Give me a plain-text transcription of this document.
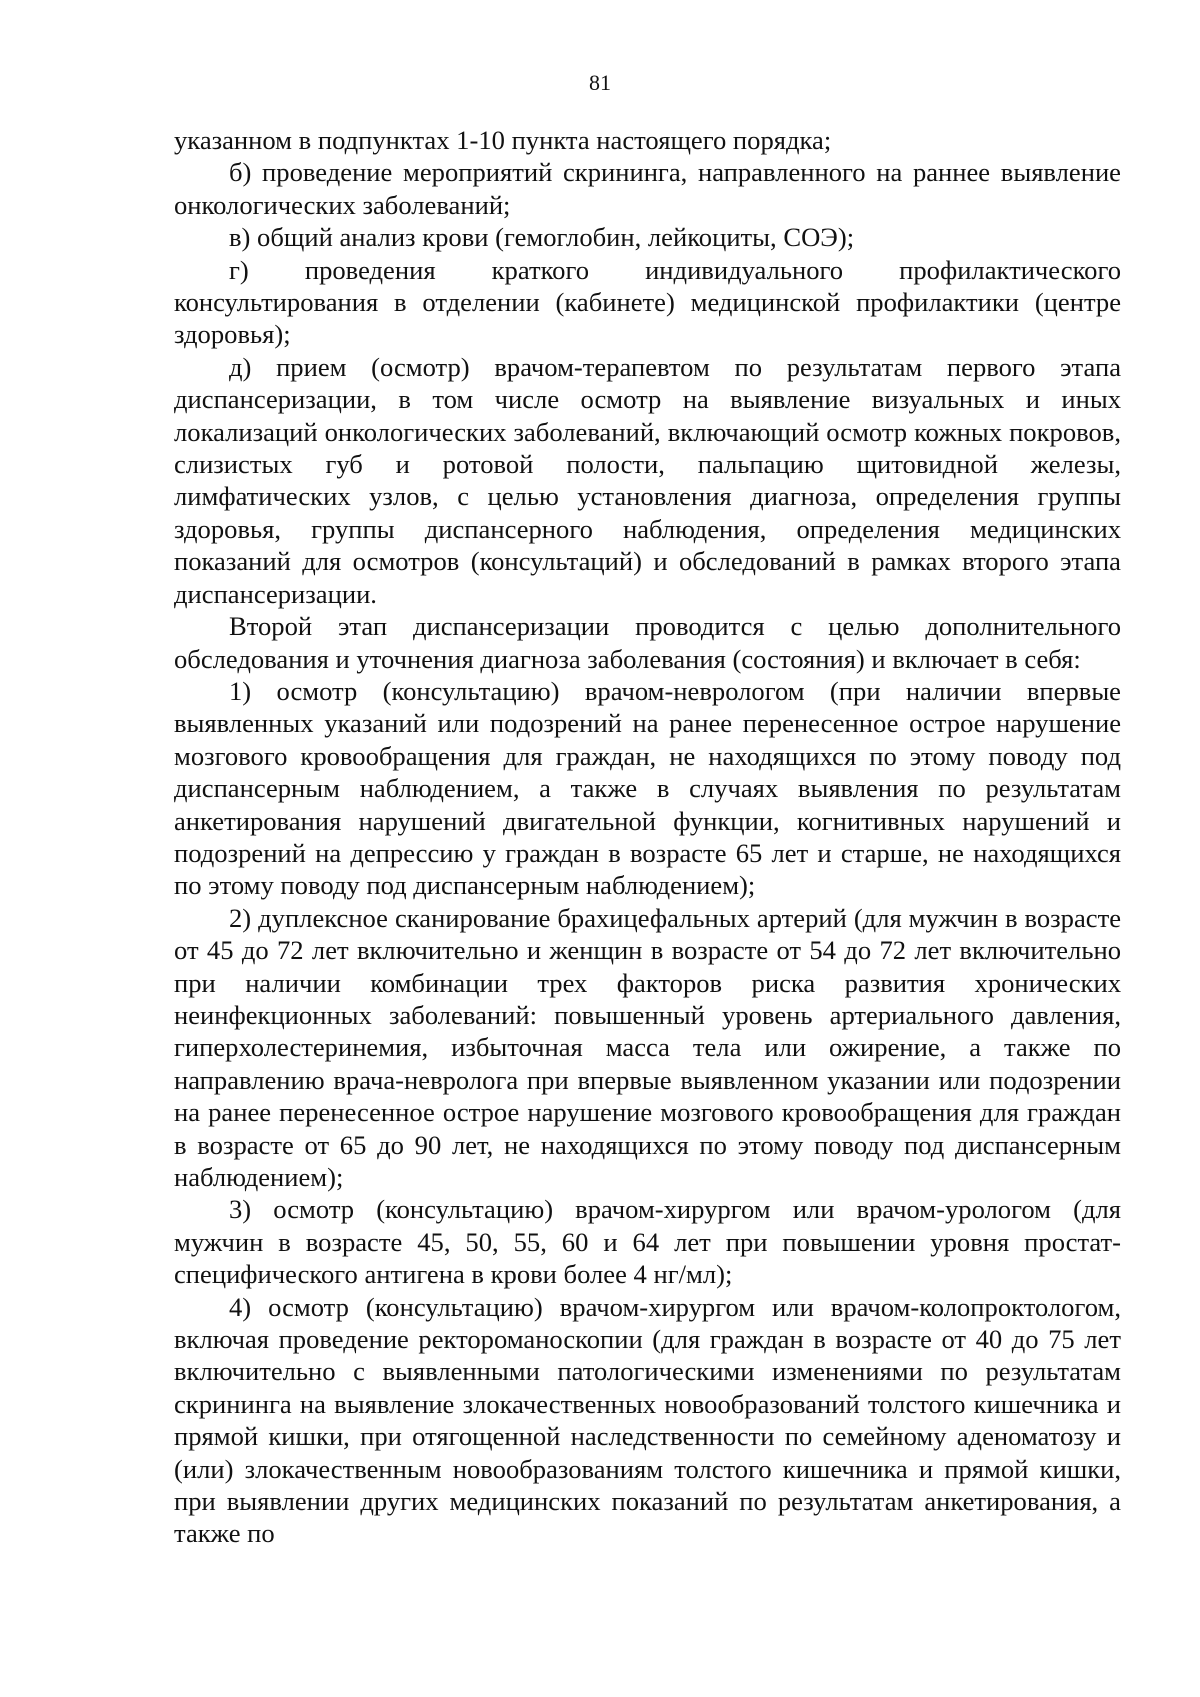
81

указанном в подпунктах 1-10 пункта настоящего порядка;

б) проведение мероприятий скрининга, направленного на раннее выявление онкологических заболеваний;

в) общий анализ крови (гемоглобин, лейкоциты, СОЭ);

г) проведения краткого индивидуального профилактического консультирования в отделении (кабинете) медицинской профилактики (центре здоровья);

д) прием (осмотр) врачом-терапевтом по результатам первого этапа диспансеризации, в том числе осмотр на выявление визуальных и иных локализаций онкологических заболеваний, включающий осмотр кожных покровов, слизистых губ и ротовой полости, пальпацию щитовидной железы, лимфатических узлов, с целью установления диагноза, определения группы здоровья, группы диспансерного наблюдения, определения медицинских показаний для осмотров (консультаций) и обследований в рамках второго этапа диспансеризации.

Второй этап диспансеризации проводится с целью дополнительного обследования и уточнения диагноза заболевания (состояния) и включает в себя:

1) осмотр (консультацию) врачом-неврологом (при наличии впервые выявленных указаний или подозрений на ранее перенесенное острое нарушение мозгового кровообращения для граждан, не находящихся по этому поводу под диспансерным наблюдением, а также в случаях выявления по результатам анкетирования нарушений двигательной функции, когнитивных нарушений и подозрений на депрессию у граждан в возрасте 65 лет и старше, не находящихся по этому поводу под диспансерным наблюдением);

2) дуплексное сканирование брахицефальных артерий (для мужчин в возрасте от 45 до 72 лет включительно и женщин в возрасте от 54 до 72 лет включительно при наличии комбинации трех факторов риска развития хронических неинфекционных заболеваний: повышенный уровень артериального давления, гиперхолестеринемия, избыточная масса тела или ожирение, а также по направлению врача-невролога при впервые выявленном указании или подозрении на ранее перенесенное острое нарушение мозгового кровообращения для граждан в возрасте от 65 до 90 лет, не находящихся по этому поводу под диспансерным наблюдением);

3) осмотр (консультацию) врачом-хирургом или врачом-урологом (для мужчин в возрасте 45, 50, 55, 60 и 64 лет при повышении уровня простат-специфического антигена в крови более 4 нг/мл);

4) осмотр (консультацию) врачом-хирургом или врачом-колопроктологом, включая проведение ректороманоскопии (для граждан в возрасте от 40 до 75 лет включительно с выявленными патологическими изменениями по результатам скрининга на выявление злокачественных новообразований толстого кишечника и прямой кишки, при отягощенной наследственности по семейному аденоматозу и (или) злокачественным новообразованиям толстого кишечника и прямой кишки, при выявлении других медицинских показаний по результатам анкетирования, а также по
